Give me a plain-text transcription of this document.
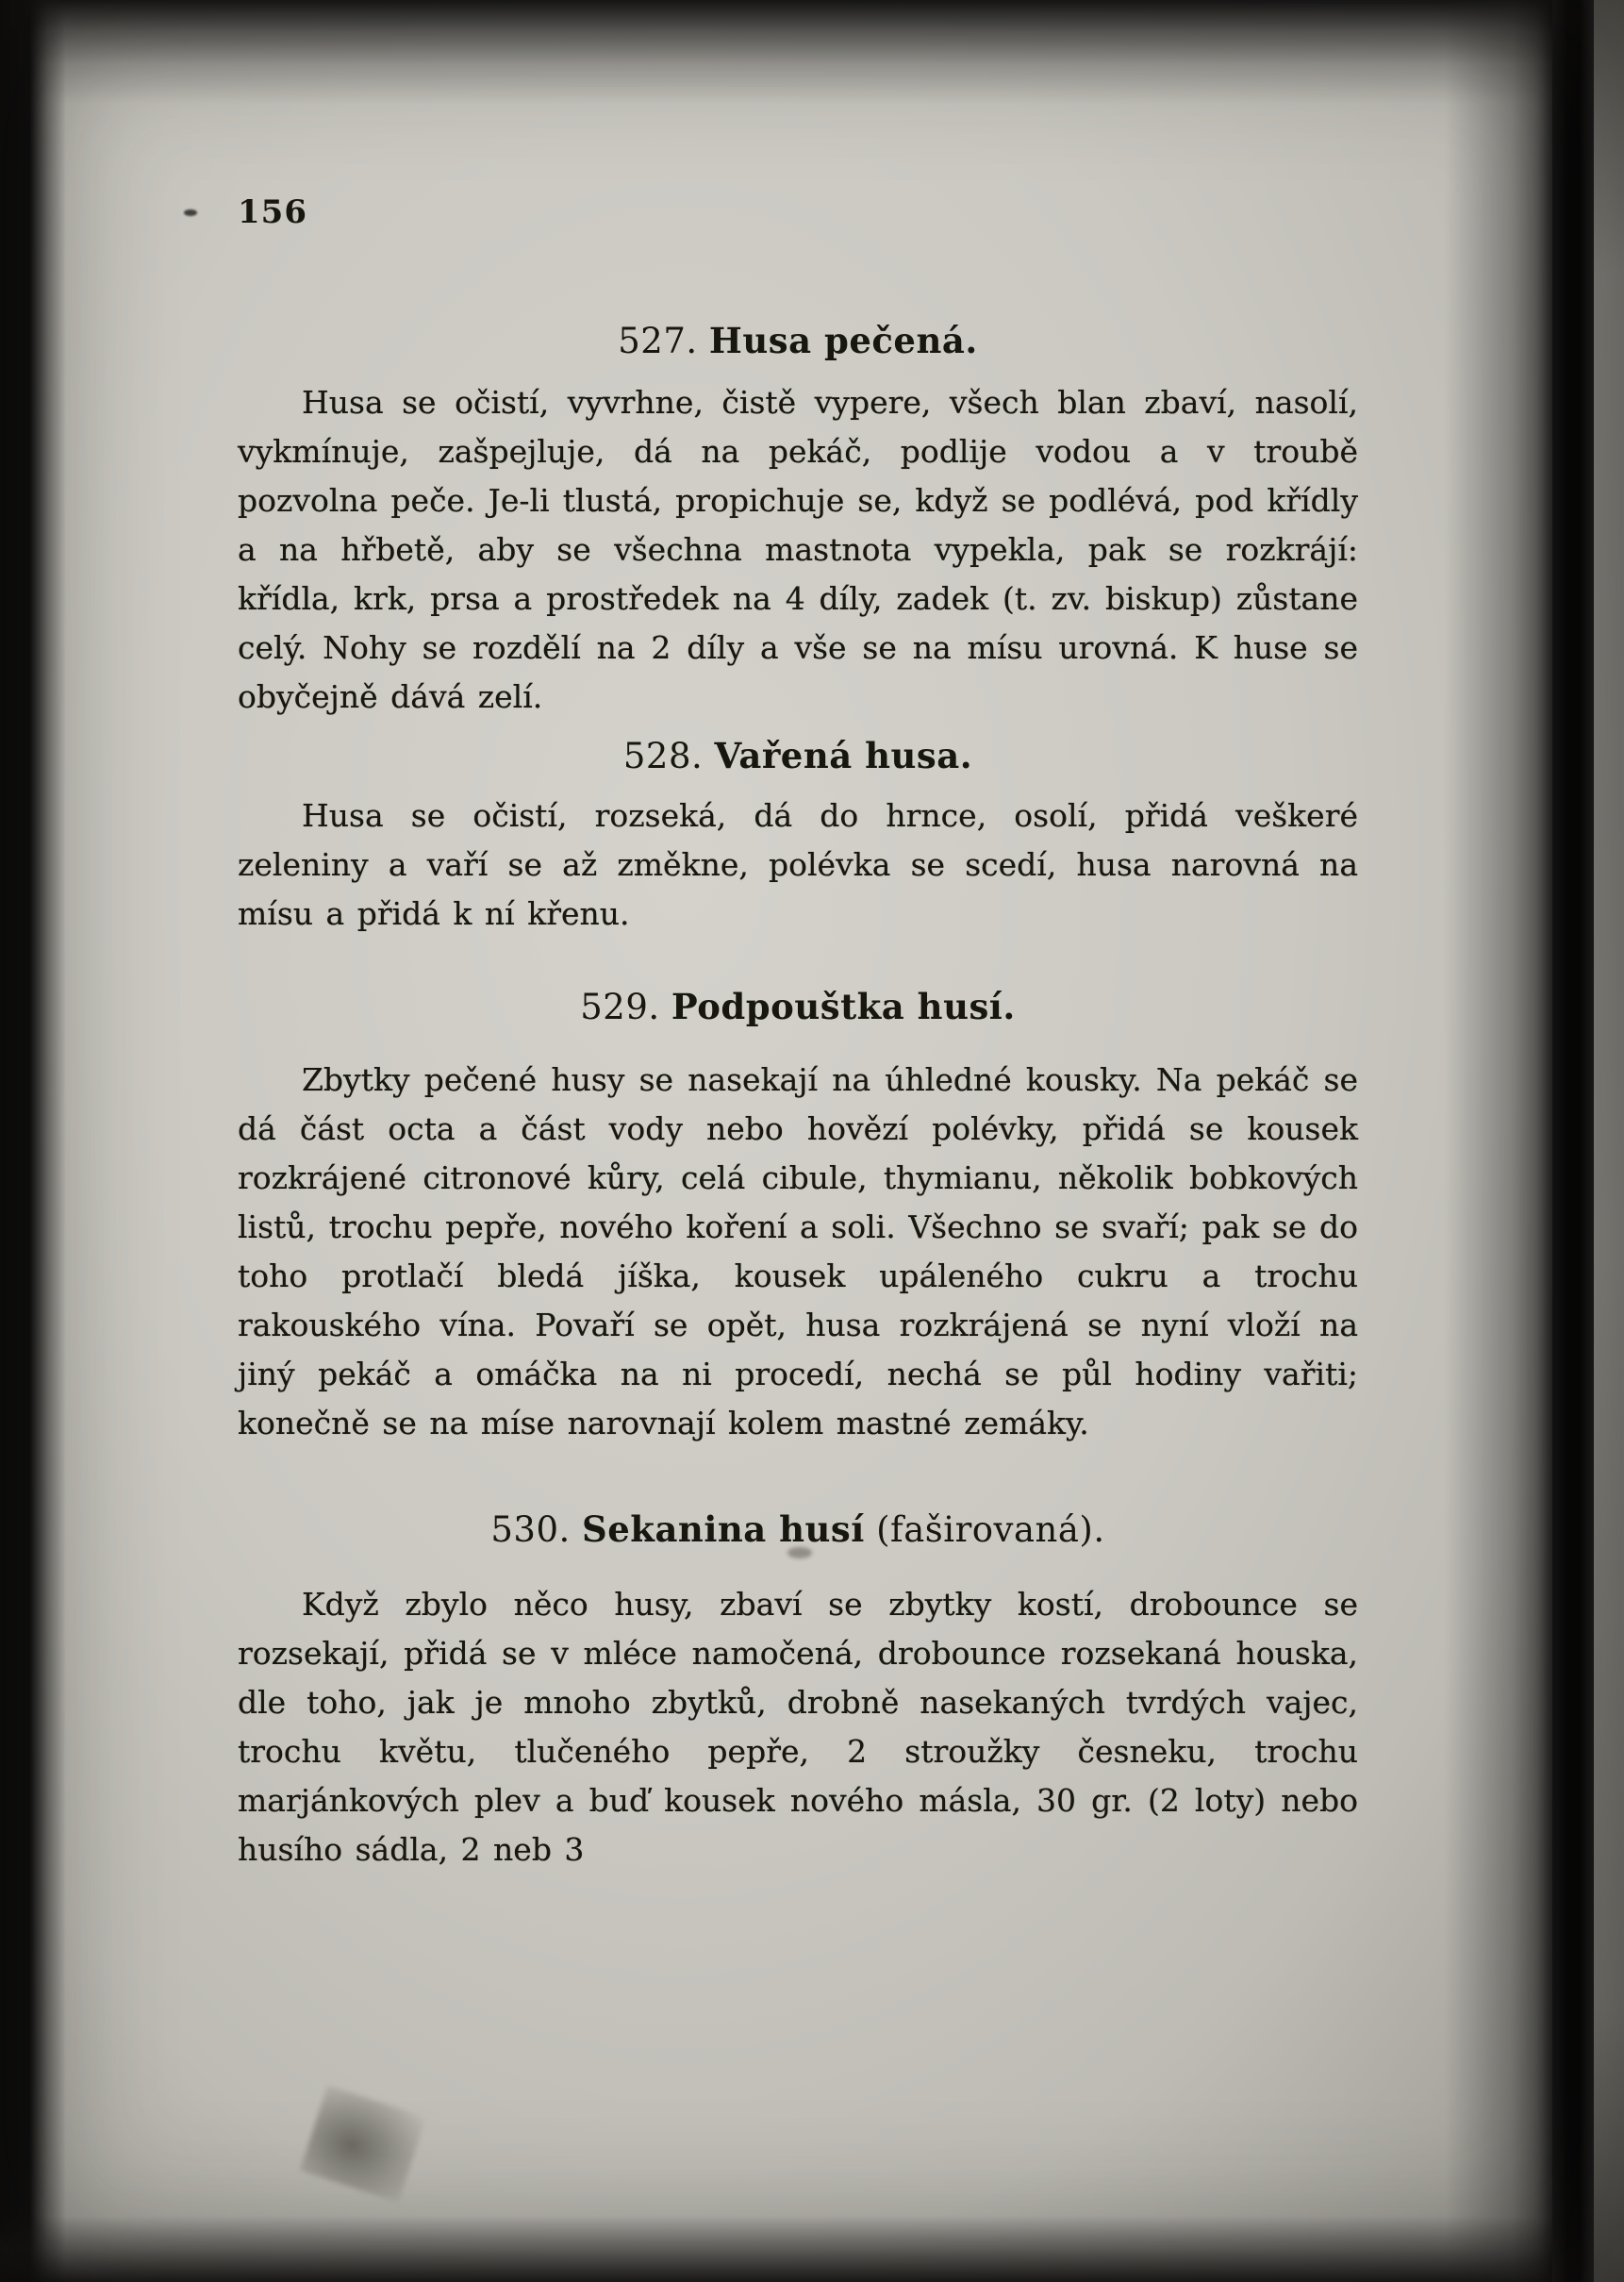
156
527. Husa pečená.

Husa se očistí, vyvrhne, čistě vypere, všech blan zbaví, nasolí, vykmínuje, zašpejluje, dá na pekáč, podlije vodou a v troubě pozvolna peče. Je-li tlustá, propichuje se, když se podlévá, pod křídly a na hřbetě, aby se všechna mastnota vypekla, pak se rozkrájí: křídla, krk, prsa a prostředek na 4 díly, zadek (t. zv. biskup) zůstane celý. Nohy se rozdělí na 2 díly a vše se na mísu urovná. K huse se obyčejně dává zelí.

528. Vařená husa.

Husa se očistí, rozseká, dá do hrnce, osolí, přidá veškeré zeleniny a vaří se až změkne, polévka se scedí, husa narovná na mísu a přidá k ní křenu.

529. Podpouštka husí.

Zbytky pečené husy se nasekají na úhledné kousky. Na pekáč se dá část octa a část vody nebo hovězí polévky, přidá se kousek rozkrájené citronové kůry, celá cibule, thymianu, několik bobkových listů, trochu pepře, nového koření a soli. Všechno se svaří; pak se do toho protlačí bledá jíška, kousek upáleného cukru a trochu rakouského vína. Povaří se opět, husa rozkrájená se nyní vloží na jiný pekáč a omáčka na ni procedí, nechá se půl hodiny vařiti; konečně se na míse narovnají kolem mastné zemáky.

530. Sekanina husí (faširovaná).

Když zbylo něco husy, zbaví se zbytky kostí, drobounce se rozsekají, přidá se v mléce namočená, drobounce rozsekaná houska, dle toho, jak je mnoho zbytků, drobně nasekaných tvrdých vajec, trochu květu, tlučeného pepře, 2 stroužky česneku, trochu marjánkových plev a buď kousek nového másla, 30 gr. (2 loty) nebo husího sádla, 2 neb 3
